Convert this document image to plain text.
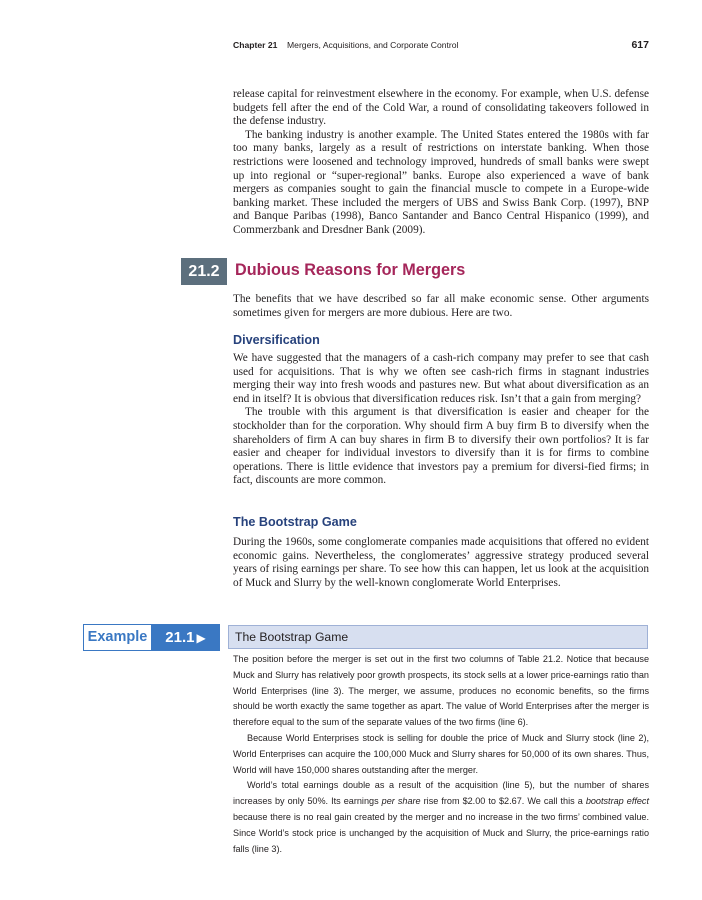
Chapter 21 Mergers, Acquisitions, and Corporate Control	617

release capital for reinvestment elsewhere in the economy. For example, when U.S. defense budgets fell after the end of the Cold War, a round of consolidating takeovers followed in the defense industry.

The banking industry is another example. The United States entered the 1980s with far too many banks, largely as a result of restrictions on interstate banking. When those restrictions were loosened and technology improved, hundreds of small banks were swept up into regional or “super-regional” banks. Europe also experienced a wave of bank mergers as companies sought to gain the financial muscle to compete in a Europe-wide banking market. These included the mergers of UBS and Swiss Bank Corp. (1997), BNP and Banque Paribas (1998), Banco Santander and Banco Central Hispanico (1999), and Commerzbank and Dresdner Bank (2009).

21.2 Dubious Reasons for Mergers

The benefits that we have described so far all make economic sense. Other arguments sometimes given for mergers are more dubious. Here are two.

Diversification

We have suggested that the managers of a cash-rich company may prefer to see that cash used for acquisitions. That is why we often see cash-rich firms in stagnant industries merging their way into fresh woods and pastures new. But what about diversification as an end in itself? It is obvious that diversification reduces risk. Isn’t that a gain from merging?

The trouble with this argument is that diversification is easier and cheaper for the stockholder than for the corporation. Why should firm A buy firm B to diversify when the shareholders of firm A can buy shares in firm B to diversify their own portfolios? It is far easier and cheaper for individual investors to diversify than it is for firms to combine operations. There is little evidence that investors pay a premium for diversi-fied firms; in fact, discounts are more common.

The Bootstrap Game

During the 1960s, some conglomerate companies made acquisitions that offered no evident economic gains. Nevertheless, the conglomerates’ aggressive strategy produced several years of rising earnings per share. To see how this can happen, let us look at the acquisition of Muck and Slurry by the well-known conglomerate World Enterprises.

Example	21.1 ▶	The Bootstrap Game

The position before the merger is set out in the first two columns of Table 21.2. Notice that because Muck and Slurry has relatively poor growth prospects, its stock sells at a lower price-earnings ratio than World Enterprises (line 3). The merger, we assume, produces no economic benefits, so the firms should be worth exactly the same together as apart. The value of World Enterprises after the merger is therefore equal to the sum of the separate values of the two firms (line 6).

Because World Enterprises stock is selling for double the price of Muck and Slurry stock (line 2), World Enterprises can acquire the 100,000 Muck and Slurry shares for 50,000 of its own shares. Thus, World will have 150,000 shares outstanding after the merger.

World’s total earnings double as a result of the acquisition (line 5), but the number of shares increases by only 50%. Its earnings per share rise from $2.00 to $2.67. We call this a bootstrap effect because there is no real gain created by the merger and no increase in the two firms’ combined value. Since World’s stock price is unchanged by the acquisition of Muck and Slurry, the price-earnings ratio falls (line 3).
